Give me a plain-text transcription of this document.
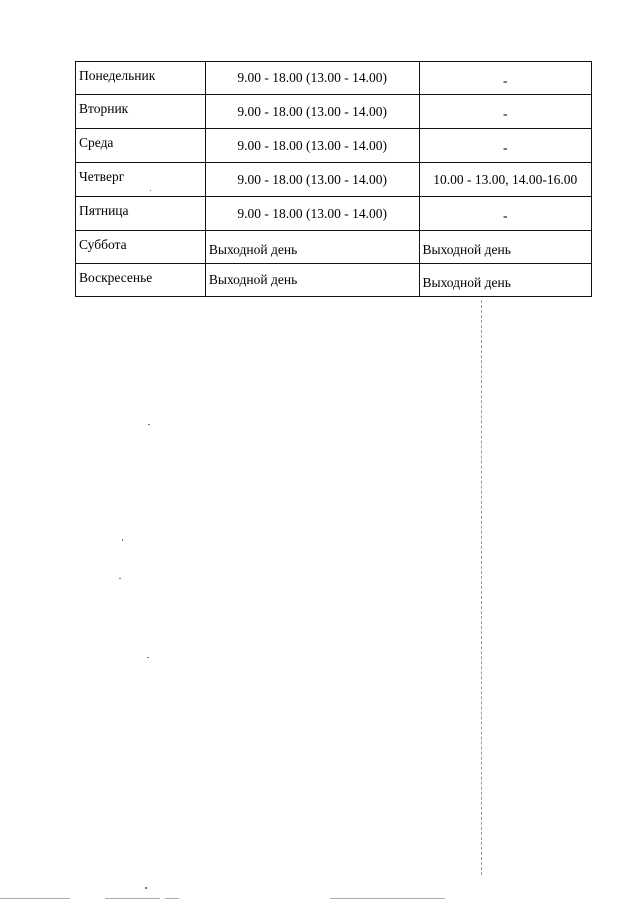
Понедельник	9.00 - 18.00 (13.00 - 14.00)	-
Вторник	9.00 - 18.00 (13.00 - 14.00)	-
Среда	9.00 - 18.00 (13.00 - 14.00)	-
Четверг	9.00 - 18.00 (13.00 - 14.00)	10.00 - 13.00, 14.00-16.00
Пятница	9.00 - 18.00 (13.00 - 14.00)	-
Суббота	Выходной день	Выходной день
Воскресенье	Выходной день	Выходной день
